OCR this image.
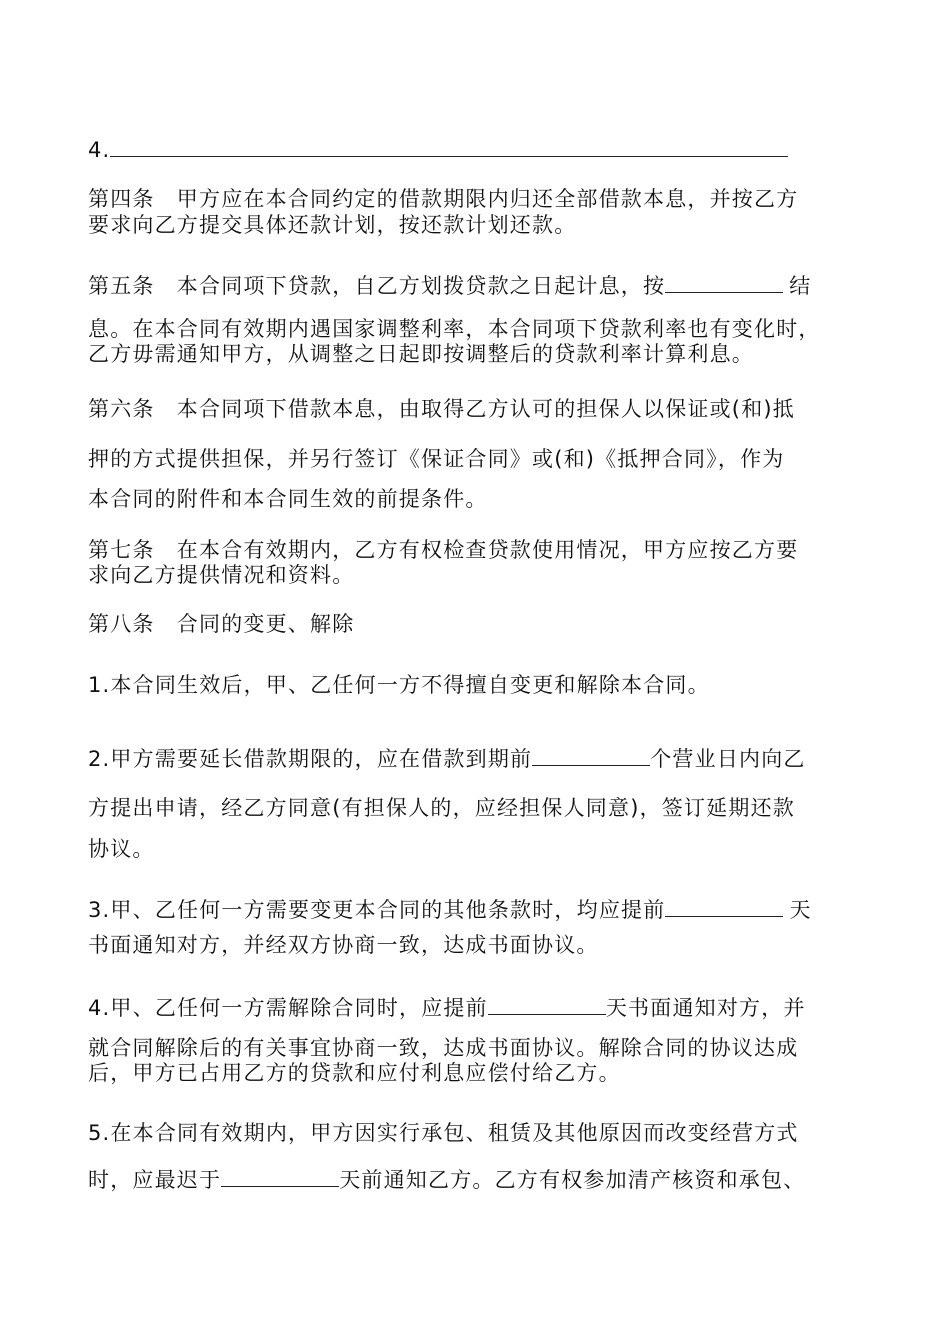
4.
第四条　甲方应在本合同约定的借款期限内归还全部借款本息，并按乙方
要求向乙方提交具体还款计划，按还款计划还款。
第五条　本合同项下贷款，自乙方划拨贷款之日起计息，按	结
息。在本合同有效期内遇国家调整利率，本合同项下贷款利率也有变化时，
乙方毋需通知甲方，从调整之日起即按调整后的贷款利率计算利息。
第六条　本合同项下借款本息，由取得乙方认可的担保人以保证或(和)抵
押的方式提供担保，并另行签订《保证合同》或(和)《抵押合同》，作为
本合同的附件和本合同生效的前提条件。
第七条　在本合有效期内，乙方有权检查贷款使用情况，甲方应按乙方要
求向乙方提供情况和资料。
第八条　合同的变更、解除
1.本合同生效后，甲、乙任何一方不得擅自变更和解除本合同。
2.甲方需要延长借款期限的，应在借款到期前	个营业日内向乙
方提出申请，经乙方同意(有担保人的，应经担保人同意)，签订延期还款
协议。
3.甲、乙任何一方需要变更本合同的其他条款时，均应提前	天
书面通知对方，并经双方协商一致，达成书面协议。
4.甲、乙任何一方需解除合同时，应提前	天书面通知对方，并
就合同解除后的有关事宜协商一致，达成书面协议。解除合同的协议达成
后，甲方已占用乙方的贷款和应付利息应偿付给乙方。
5.在本合同有效期内，甲方因实行承包、租赁及其他原因而改变经营方式
时，应最迟于	天前通知乙方。乙方有权参加清产核资和承包、
